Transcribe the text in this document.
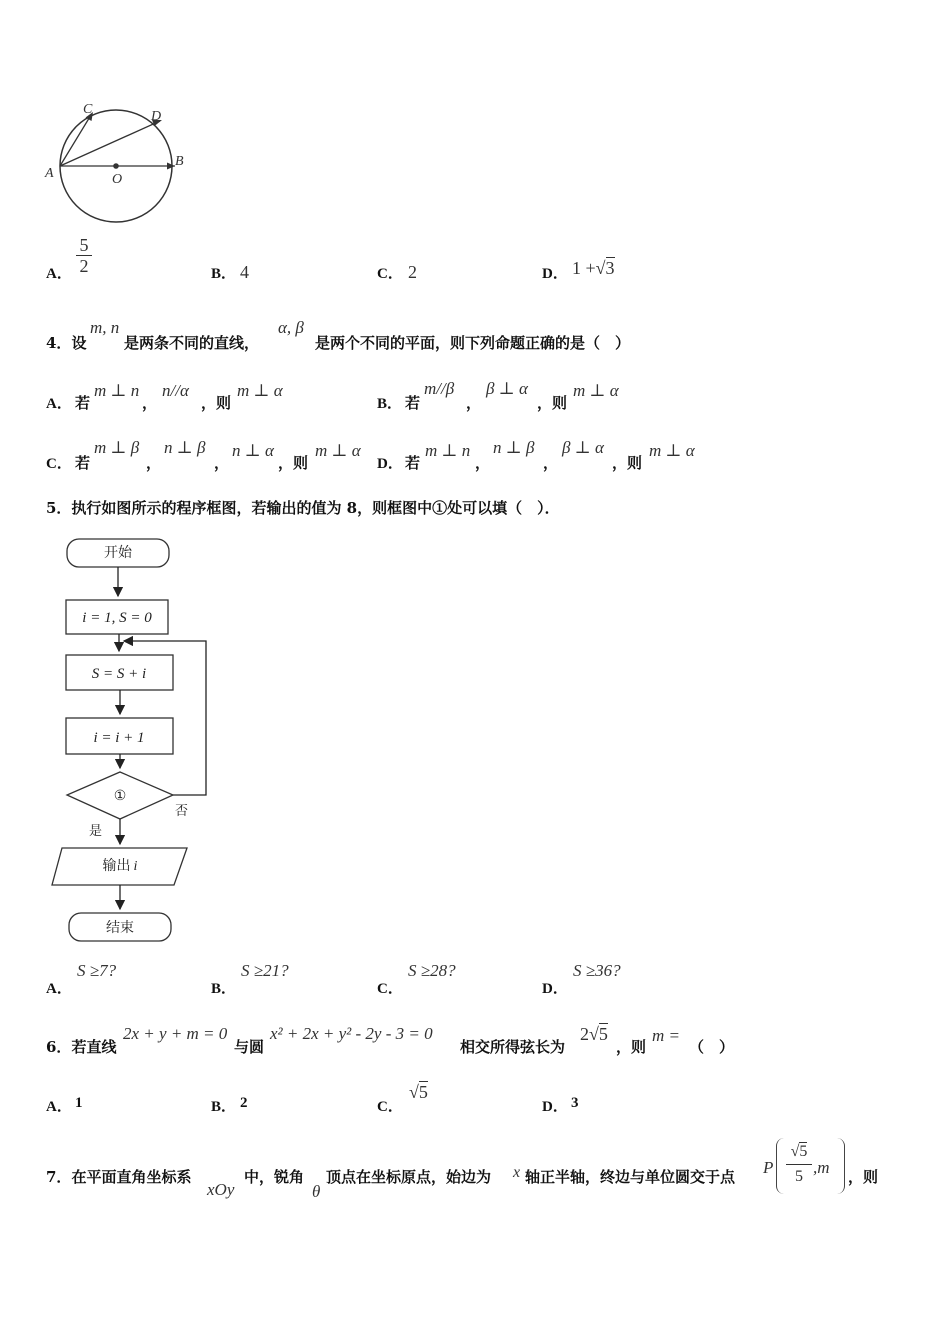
C	D
A
B
O
A．
5
2	B． 4	C． 2	D． 1 +√3
4．设
m, n
是两条不同的直线，
α, β
是两个不同的平面，则下列命题正确的是（　）
A． 若
m ⊥ n
，
n//α
，则
m ⊥ α
B． 若
m//β
，
β ⊥ α
，则
m ⊥ α
C． 若
m ⊥ β
，
n ⊥ β
，
n ⊥ α
，则
m ⊥ α
D． 若
m ⊥ n
，
n ⊥ β
，
β ⊥ α
，则
m ⊥ α
5．执行如图所示的程序框图，若输出的值为 8，则框图中①处可以填（　）．
开始
i = 1, S = 0
S = S + i
i = i + 1
①
否
是
输出 i
结束
A．
S ≥7?
B．
S ≥21?
C．
S ≥28?
D．
S ≥36?
6．若直线
2x + y + m = 0
与圆
x² + 2x + y² - 2y - 3 = 0
相交所得弦长为
2√5
，则
m =
（　）
A． 1	B． 2	C．
√5
D． 3
7．在平面直角坐标系
xOy
中，锐角
θ
顶点在坐标原点，始边为 x 轴正半轴，终边与单位圆交于点 P
√5
5 ,m ，则
